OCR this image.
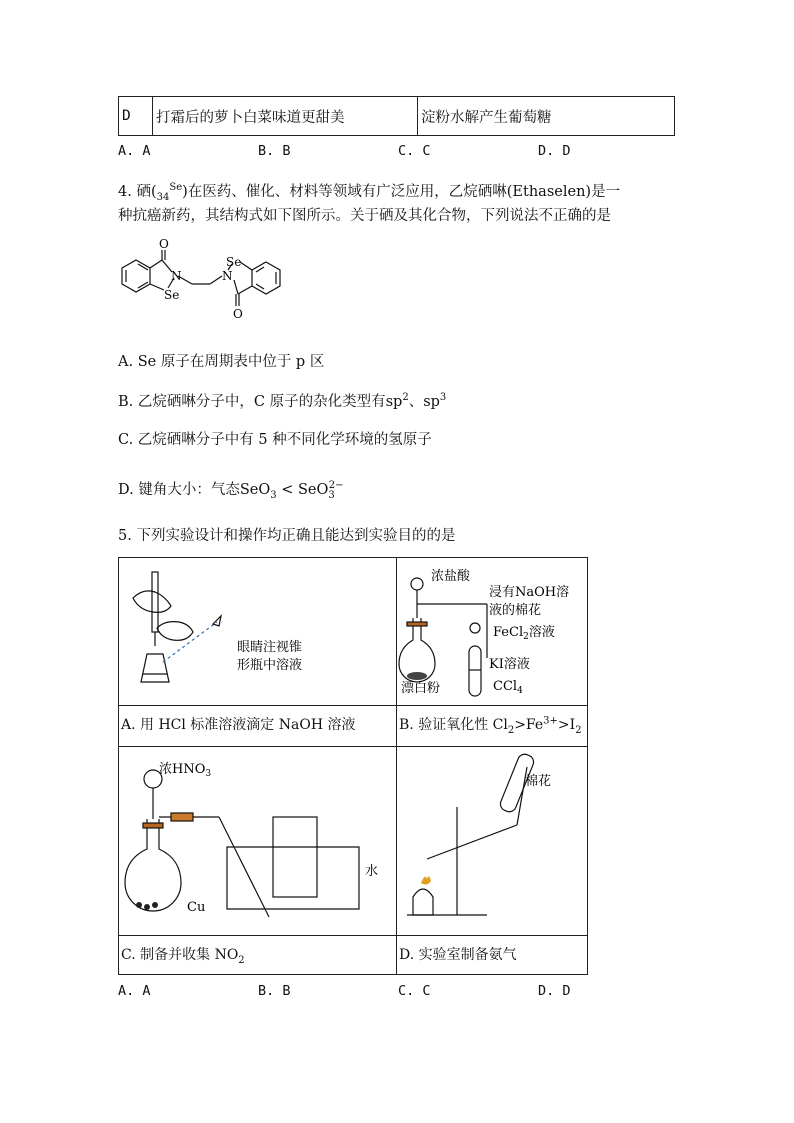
D	打霜后的萝卜白菜味道更甜美	淀粉水解产生葡萄糖
A. A	B. B	C. C	D. D
4. 硒$(_{34}^{Se})$在医药、催化、材料等领域有广泛应用，乙烷硒啉(Ethaselen)是一
种抗癌新药，其结构式如下图所示。关于硒及其化合物，下列说法不正确的是
O
N
Se
N
Se
O
A. Se 原子在周期表中位于 p 区
B. 乙烷硒啉分子中，C 原子的杂化类型有$sp^2$、$sp^3$
C. 乙烷硒啉分子中有 5 种不同化学环境的氢原子
D. 键角大小：气态SeO$_3$ < SeO$_3^{2-}$
5. 下列实验设计和操作均正确且能达到实验目的的是
眼睛注视锥
形瓶中溶液
浓盐酸
浸有NaOH溶
液的棉花
FeCl$_2$溶液
KI溶液
CCl$_4$
漂白粉
A. 用 HCl 标准溶液滴定 NaOH 溶液	B. 验证氧化性 $Cl_2>Fe^{3+}>I_2$
浓$HNO_3$
Cu
水
棉花
C. 制备并收集 $NO_2$	D. 实验室制备氨气
A. A	B. B	C. C	D. D
